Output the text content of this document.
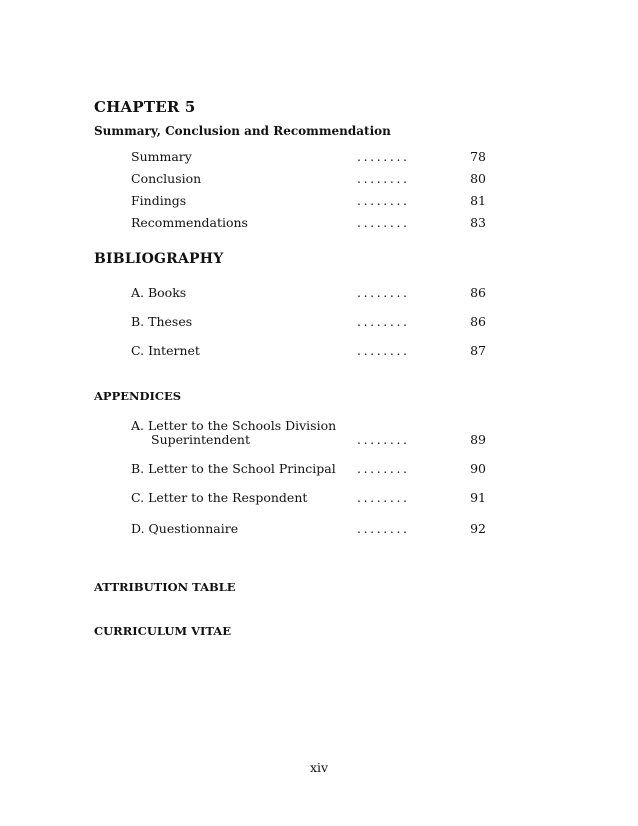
CHAPTER 5
Summary, Conclusion and Recommendation
Summary	........	78
Conclusion	........	80
Findings	........	81
Recommendations	........	83
BIBLIOGRAPHY
A. Books	........	86
B. Theses	........	86
C. Internet	........	87
APPENDICES
A. Letter to the Schools Division
Superintendent	........	89
B. Letter to the School Principal ........	90
C. Letter to the Respondent	........	91
D. Questionnaire	........	92
ATTRIBUTION TABLE
CURRICULUM VITAE
xiv
